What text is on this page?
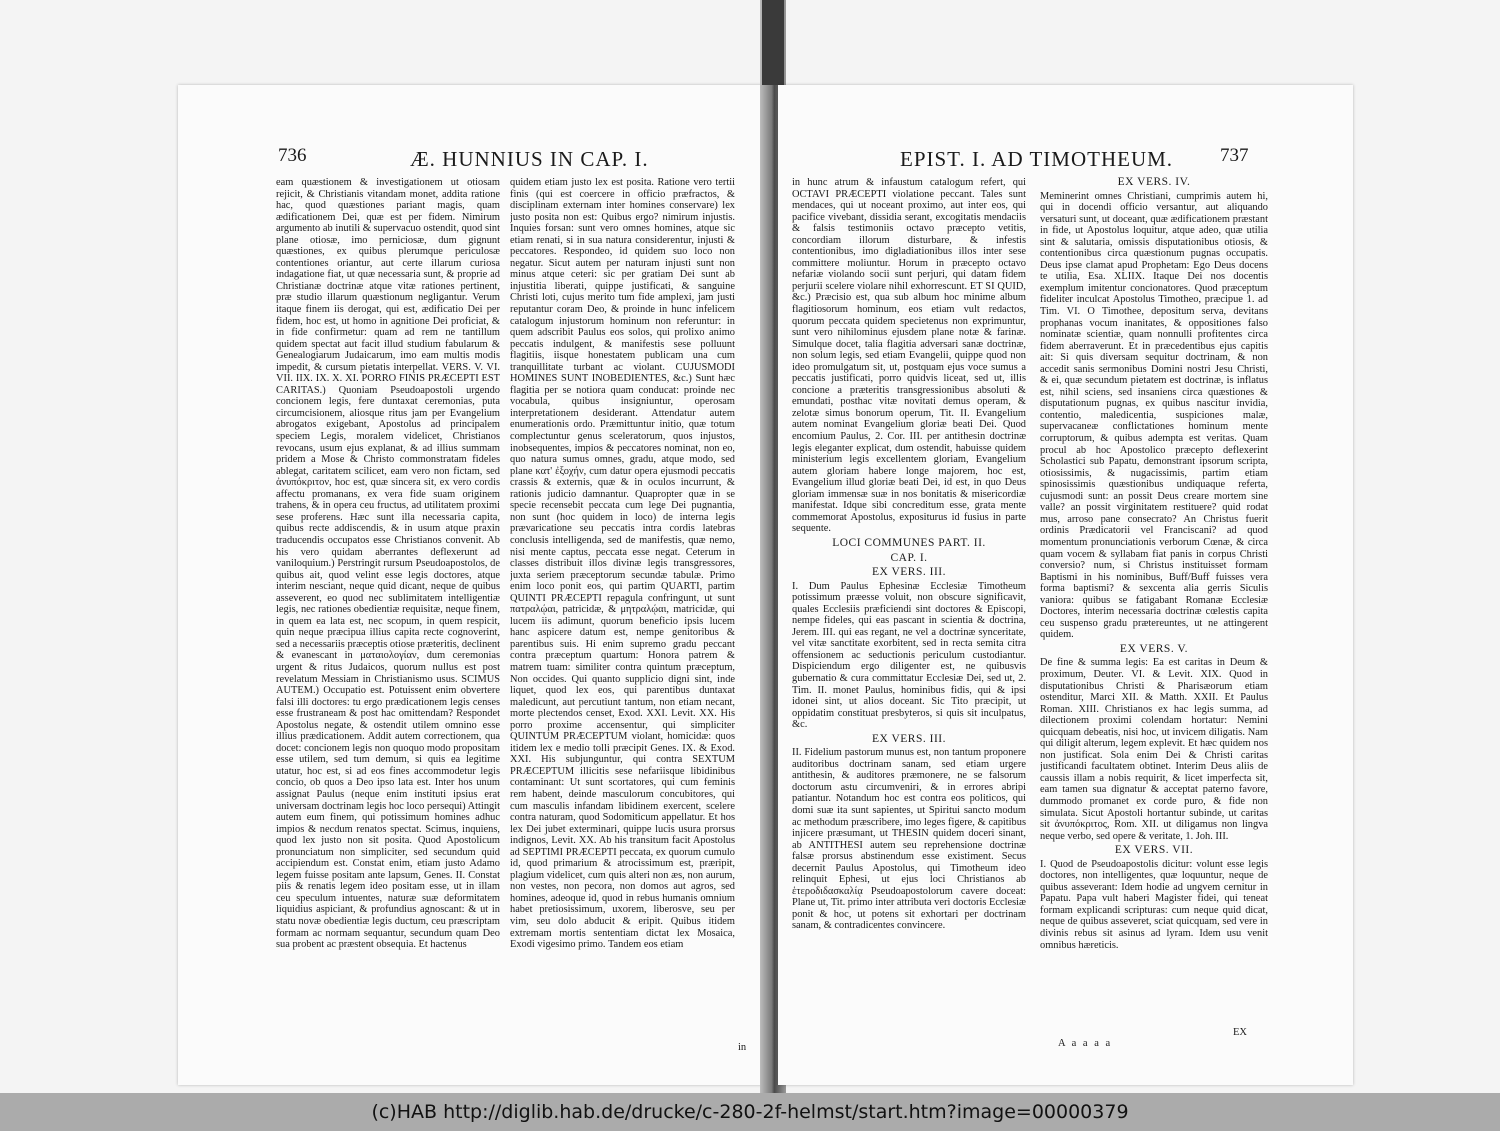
736	Æ. HUNNIUS IN CAP. I.

eam quæstionem & investigationem ut otiosam rejicit, & Christianis vitandam monet, addita ratione hac, quod quæstiones pariant magis, quam ædificationem Dei, quæ est per fidem. Nimirum argumento ab inutili & supervacuo ostendit, quod sint plane otiosæ, imo perniciosæ, dum gignunt quæstiones, ex quibus plerumque periculosæ contentiones oriantur, aut certe illarum curiosa indagatione fiat, ut quæ necessaria sunt, & proprie ad Christianæ doctrinæ atque vitæ rationes pertinent, præ studio illarum quæstionum negligantur. Verum itaque finem iis derogat, qui est, ædificatio Dei per fidem, hoc est, ut homo in agnitione Dei proficiat, & in fide confirmetur: quam ad rem ne tantillum quidem spectat aut facit illud studium fabularum & Genealogiarum Judaicarum, imo eam multis modis impedit, & cursum pietatis interpellat. VERS. V. VI. VII. IIX. IX. X. XI. PORRO FINIS PRÆCEPTI EST CARITAS.) Quoniam Pseudoapostoli urgendo concionem legis, fere duntaxat ceremonias, puta circumcisionem, aliosque ritus jam per Evangelium abrogatos exigebant, Apostolus ad principalem speciem Legis, moralem videlicet, Christianos revocans, usum ejus explanat, & ad illius summam pridem a Mose & Christo commonstratam fideles ablegat, caritatem scilicet, eam vero non fictam, sed ἀνυπόκριτον, hoc est, quæ sincera sit, ex vero cordis affectu promanans, ex vera fide suam originem trahens, & in opera ceu fructus, ad utilitatem proximi sese proferens. Hæc sunt illa necessaria capita, quibus recte addiscendis, & in usum atque praxin traducendis occupatos esse Christianos convenit. Ab his vero quidam aberrantes deflexerunt ad vaniloquium.) Perstringit rursum Pseudoapostolos, de quibus ait, quod velint esse legis doctores, atque interim nesciant, neque quid dicant, neque de quibus asseverent, eo quod nec sublimitatem intelligentiæ legis, nec rationes obedientiæ requisitæ, neque finem, in quem ea lata est, nec scopum, in quem respicit, quin neque præcipua illius capita recte cognoverint, sed a necessariis præceptis otiose præteritis, declinent & evanescant in ματαιολογίαν, dum ceremonias urgent & ritus Judaicos, quorum nullus est post revelatum Messiam in Christianismo usus. SCIMUS AUTEM.) Occupatio est. Potuissent enim obvertere falsi illi doctores: tu ergo prædicationem legis censes esse frustraneam & post hac omittendam? Respondet Apostolus negate, & ostendit utilem omnino esse illius prædicationem. Addit autem correctionem, qua docet: concionem legis non quoquo modo propositam esse utilem, sed tum demum, si quis ea legitime utatur, hoc est, si ad eos fines accommodetur legis concio, ob quos a Deo ipso lata est. Inter hos unum assignat Paulus (neque enim instituti ipsius erat universam doctrinam legis hoc loco persequi) Attingit autem eum finem, qui potissimum homines adhuc impios & necdum renatos spectat. Scimus, inquiens, quod lex justo non sit posita. Quod Apostolicum pronunciatum non simpliciter, sed secundum quid accipiendum est. Constat enim, etiam justo Adamo legem fuisse positam ante lapsum, Genes. II. Constat piis & renatis legem ideo positam esse, ut in illam ceu speculum intuentes, naturæ suæ deformitatem liquidius aspiciant, & profundius agnoscant: & ut in statu novæ obedientiæ legis ductum, ceu præscriptam formam ac normam sequantur, secundum quam Deo sua probent ac præstent obsequia. Et hactenus

quidem etiam justo lex est posita. Ratione vero tertii finis (qui est coercere in officio præfractos, & disciplinam externam inter homines conservare) lex justo posita non est: Quibus ergo? nimirum injustis. Inquies forsan: sunt vero omnes homines, atque sic etiam renati, si in sua natura considerentur, injusti & peccatores. Respondeo, id quidem suo loco non negatur. Sicut autem per naturam injusti sunt non minus atque ceteri: sic per gratiam Dei sunt ab injustitia liberati, quippe justificati, & sanguine Christi loti, cujus merito tum fide amplexi, jam justi reputantur coram Deo, & proinde in hunc infelicem catalogum injustorum hominum non referuntur: in quem adscribit Paulus eos solos, qui prolixo animo peccatis indulgent, & manifestis sese polluunt flagitiis, iisque honestatem publicam una cum tranquillitate turbant ac violant. CUJUSMODI HOMINES SUNT INOBEDIENTES, &c.) Sunt hæc flagitia per se notiora quam conducat: proinde nec vocabula, quibus insigniuntur, operosam interpretationem desiderant. Attendatur autem enumerationis ordo. Præmittuntur initio, quæ totum complectuntur genus sceleratorum, quos injustos, inobsequentes, impios & peccatores nominat, non eo, quo natura sumus omnes, gradu, atque modo, sed plane κατ' ἐξοχήν, cum datur opera ejusmodi peccatis crassis & externis, quæ & in oculos incurrunt, & rationis judicio damnantur. Quapropter quæ in se specie recensebit peccata cum lege Dei pugnantia, non sunt (hoc quidem in loco) de interna legis prævaricatione seu peccatis intra cordis latebras conclusis intelligenda, sed de manifestis, quæ nemo, nisi mente captus, peccata esse negat. Ceterum in classes distribuit illos divinæ legis transgressores, juxta seriem præceptorum secundæ tabulæ. Primo enim loco ponit eos, qui partim QUARTI, partim QUINTI PRÆCEPTI repagula confringunt, ut sunt πατραλῴαι, patricidæ, & μητραλῴαι, matricidæ, qui lucem iis adimunt, quorum beneficio ipsis lucem hanc aspicere datum est, nempe genitoribus & parentibus suis. Hi enim supremo gradu peccant contra præceptum quartum: Honora patrem & matrem tuam: similiter contra quintum præceptum, Non occides. Qui quanto supplicio digni sint, inde liquet, quod lex eos, qui parentibus duntaxat maledicunt, aut percutiunt tantum, non etiam necant, morte plectendos censet, Exod. XXI. Levit. XX. His porro proxime accensentur, qui simpliciter QUINTUM PRÆCEPTUM violant, homicidæ: quos itidem lex e medio tolli præcipit Genes. IX. & Exod. XXI. His subjunguntur, qui contra SEXTUM PRÆCEPTUM illicitis sese nefariisque libidinibus contaminant: Ut sunt scortatores, qui cum feminis rem habent, deinde masculorum concubitores, qui cum masculis infandam libidinem exercent, scelere contra naturam, quod Sodomiticum appellatur. Et hos lex Dei jubet exterminari, quippe lucis usura prorsus indignos, Levit. XX. Ab his transitum facit Apostolus ad SEPTIMI PRÆCEPTI peccata, ex quorum cumulo id, quod primarium & atrocissimum est, præripit, plagium videlicet, cum quis alteri non æs, non aurum, non vestes, non pecora, non domos aut agros, sed homines, adeoque id, quod in rebus humanis omnium habet pretiosissimum, uxorem, liberosve, seu per vim, seu dolo abducit & eripit. Quibus itidem extremam mortis sententiam dictat lex Mosaica, Exodi vigesimo primo. Tandem eos etiam

in
EPIST. I. AD TIMOTHEUM. 737

in hunc atrum & infaustum catalogum refert, qui OCTAVI PRÆCEPTI violatione peccant. Tales sunt mendaces, qui ut noceant proximo, aut inter eos, qui pacifice vivebant, dissidia serant, excogitatis mendaciis & falsis testimoniis octavo præcepto vetitis, concordiam illorum disturbare, & infestis contentionibus, imo digladiationibus illos inter sese committere moliuntur. Horum in præcepto octavo nefariæ violando socii sunt perjuri, qui datam fidem perjurii scelere violare nihil exhorrescunt. ET SI QUID, &c.) Præcisio est, qua sub album hoc minime album flagitiosorum hominum, eos etiam vult redactos, quorum peccata quidem specietenus non exprimuntur, sunt vero nihilominus ejusdem plane notæ & farinæ. Simulque docet, talia flagitia adversari sanæ doctrinæ, non solum legis, sed etiam Evangelii, quippe quod non ideo promulgatum sit, ut, postquam ejus voce sumus a peccatis justificati, porro quidvis liceat, sed ut, illis concione a præteritis transgressionibus absoluti & emundati, posthac vitæ novitati demus operam, & zelotæ simus bonorum operum, Tit. II. Evangelium autem nominat Evangelium gloriæ beati Dei. Quod encomium Paulus, 2. Cor. III. per antithesin doctrinæ legis eleganter explicat, dum ostendit, habuisse quidem ministerium legis excellentem gloriam, Evangelium autem gloriam habere longe majorem, hoc est, Evangelium illud gloriæ beati Dei, id est, in quo Deus gloriam immensæ suæ in nos bonitatis & misericordiæ manifestat. Idque sibi concreditum esse, grata mente commemorat Apostolus, expositurus id fusius in parte sequente.

LOCI COMMUNES PART. II.
CAP. I.
EX VERS. III.

I. Dum Paulus Ephesinæ Ecclesiæ Timotheum potissimum præesse voluit, non obscure significavit, quales Ecclesiis præficiendi sint doctores & Episcopi, nempe fideles, qui eas pascant in scientia & doctrina, Jerem. III. qui eas regant, ne vel a doctrinæ synceritate, vel vitæ sanctitate exorbitent, sed in recta semita citra offensionem ac seductionis periculum custodiantur. Dispiciendum ergo diligenter est, ne quibusvis gubernatio & cura committatur Ecclesiæ Dei, sed ut, 2. Tim. II. monet Paulus, hominibus fidis, qui & ipsi idonei sint, ut alios doceant. Sic Tito præcipit, ut oppidatim constituat presbyteros, si quis sit inculpatus, &c.

EX VERS. III.

II. Fidelium pastorum munus est, non tantum proponere auditoribus doctrinam sanam, sed etiam urgere antithesin, & auditores præmonere, ne se falsorum doctorum astu circumveniri, & in errores abripi patiantur. Notandum hoc est contra eos politicos, qui domi suæ ita sunt sapientes, ut Spiritui sancto modum ac methodum præscribere, imo leges figere, & capitibus injicere præsumant, ut THESIN quidem doceri sinant, ab ANTITHESI autem seu reprehensione doctrinæ falsæ prorsus abstinendum esse existiment. Secus decernit Paulus Apostolus, qui Timotheum ideo relinquit Ephesi, ut ejus loci Christianos ab ἑτεροδιδασκαλίᾳ Pseudoapostolorum cavere doceat: Plane ut, Tit. primo inter attributa veri doctoris Ecclesiæ ponit & hoc, ut potens sit exhortari per doctrinam sanam, & contradicentes convincere.

EX VERS. IV.

Meminerint omnes Christiani, cumprimis autem hi, qui in docendi officio versantur, aut aliquando versaturi sunt, ut doceant, quæ ædificationem præstant in fide, ut Apostolus loquitur, atque adeo, quæ utilia sint & salutaria, omissis disputationibus otiosis, & contentionibus circa quæstionum pugnas occupatis. Deus ipse clamat apud Prophetam: Ego Deus docens te utilia, Esa. XLIIX. Itaque Dei nos docentis exemplum imitentur concionatores. Quod præceptum fideliter inculcat Apostolus Timotheo, præcipue 1. ad Tim. VI. O Timothee, depositum serva, devitans prophanas vocum inanitates, & oppositiones falso nominatæ scientiæ, quam nonnulli profitentes circa fidem aberraverunt. Et in præcedentibus ejus capitis ait: Si quis diversam sequitur doctrinam, & non accedit sanis sermonibus Domini nostri Jesu Christi, & ei, quæ secundum pietatem est doctrinæ, is inflatus est, nihil sciens, sed insaniens circa quæstiones & disputationum pugnas, ex quibus nascitur invidia, contentio, maledicentia, suspiciones malæ, supervacaneæ conflictationes hominum mente corruptorum, & quibus adempta est veritas. Quam procul ab hoc Apostolico præcepto deflexerint Scholastici sub Papatu, demonstrant ipsorum scripta, otiosissimis, & nugacissimis, partim etiam spinosissimis quæstionibus undiquaque referta, cujusmodi sunt: an possit Deus creare mortem sine valle? an possit virginitatem restituere? quid rodat mus, arroso pane consecrato? An Christus fuerit ordinis Prædicatorii vel Franciscani? ad quod momentum pronunciationis verborum Cœnæ, & circa quam vocem & syllabam fiat panis in corpus Christi conversio? num, si Christus instituisset formam Baptismi in his nominibus, Buff/Buff fuisses vera forma baptismi? & sexcenta alia gerris Siculis vaniora: quibus se fatigabant Romanæ Ecclesiæ Doctores, interim necessaria doctrinæ cœlestis capita ceu suspenso gradu prætereuntes, ut ne attingerent quidem.

EX VERS. V.

De fine & summa legis: Ea est caritas in Deum & proximum, Deuter. VI. & Levit. XIX. Quod in disputationibus Christi & Pharisæorum etiam ostenditur, Marci XII. & Matth. XXII. Et Paulus Roman. XIII. Christianos ex hac legis summa, ad dilectionem proximi colendam hortatur: Nemini quicquam debeatis, nisi hoc, ut invicem diligatis. Nam qui diligit alterum, legem explevit. Et hæc quidem nos non justificat. Sola enim Dei & Christi caritas justificandi facultatem obtinet. Interim Deus aliis de caussis illam a nobis requirit, & licet imperfecta sit, eam tamen sua dignatur & acceptat paterno favore, dummodo promanet ex corde puro, & fide non simulata. Sicut Apostoli hortantur subinde, ut caritas sit ἀνυπόκριτος, Rom. XII. ut diligamus non lingva neque verbo, sed opere & veritate, 1. Joh. III.

EX VERS. VII.

I. Quod de Pseudoapostolis dicitur: volunt esse legis doctores, non intelligentes, quæ loquuntur, neque de quibus asseverant: Idem hodie ad ungvem cernitur in Papatu. Papa vult haberi Magister fidei, qui teneat formam explicandi scripturas: cum neque quid dicat, neque de quibus asseveret, sciat quicquam, sed vere in divinis rebus sit asinus ad lyram. Idem usu venit omnibus hæreticis.

A a a a a
EX
(c)HAB http://diglib.hab.de/drucke/c-280-2f-helmst/start.htm?image=00000379
